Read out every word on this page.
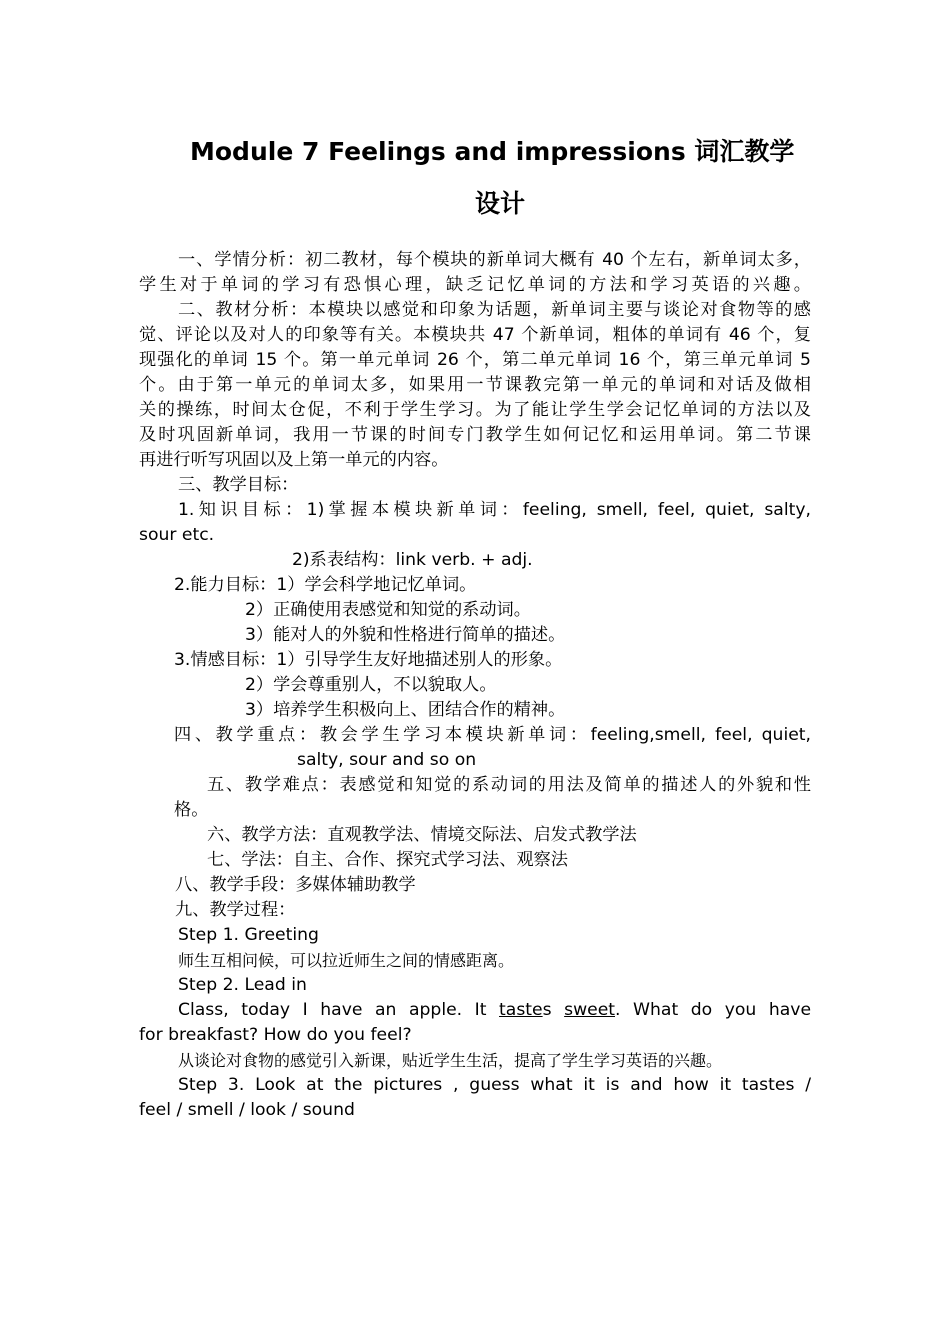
Module 7 Feelings and impressions 词汇教学
设计
一、学情分析：初二教材，每个模块的新单词大概有 40 个左右，新单词太多，
学生对于单词的学习有恐惧心理，缺乏记忆单词的方法和学习英语的兴趣。
二、教材分析：本模块以感觉和印象为话题，新单词主要与谈论对食物等的感
觉、评论以及对人的印象等有关。本模块共 47 个新单词，粗体的单词有 46 个，复
现强化的单词 15 个。第一单元单词 26 个，第二单元单词 16 个，第三单元单词 5
个。由于第一单元的单词太多，如果用一节课教完第一单元的单词和对话及做相
关的操练，时间太仓促，不利于学生学习。为了能让学生学会记忆单词的方法以及
及时巩固新单词，我用一节课的时间专门教学生如何记忆和运用单词。第二节课
再进行听写巩固以及上第一单元的内容。
三、教学目标：
1.知识目标：1)掌握本模块新单词：feeling, smell, feel, quiet, salty,
sour etc.
2)系表结构：link verb. + adj.
2.能力目标：1）学会科学地记忆单词。
2）正确使用表感觉和知觉的系动词。
3）能对人的外貌和性格进行简单的描述。
3.情感目标：1）引导学生友好地描述别人的形象。
2）学会尊重别人，不以貌取人。
3）培养学生积极向上、团结合作的精神。
四、教学重点：教会学生学习本模块新单词：feeling,smell, feel, quiet,
salty, sour and so on
五、教学难点：表感觉和知觉的系动词的用法及简单的描述人的外貌和性
格。
六、教学方法：直观教学法、情境交际法、启发式教学法
七、学法：自主、合作、探究式学习法、观察法
八、教学手段：多媒体辅助教学
九、教学过程：
Step 1. Greeting
师生互相问候，可以拉近师生之间的情感距离。
Step 2. Lead in
Class, today I have an apple. It tastes sweet. What do you have
for breakfast? How do you feel?
从谈论对食物的感觉引入新课，贴近学生生活，提高了学生学习英语的兴趣。
Step 3. Look at the pictures , guess what it is and how it tastes /
feel / smell / look / sound
